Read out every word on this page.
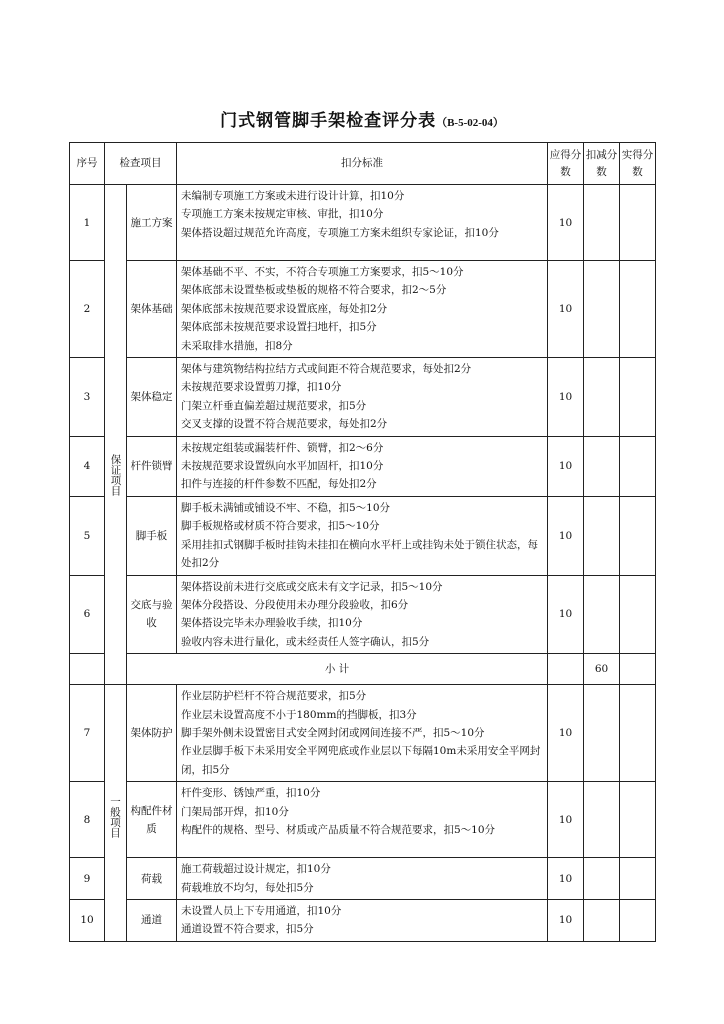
门式钢管脚手架检查评分表（B-5-02-04）
序号	检查项目		扣分标准	应得分数	扣减分数	实得分数	
1	保证项目	施工方案	未编制专项施工方案或未进行设计计算，扣10分
专项施工方案未按规定审核、审批，扣10分
架体搭设超过规范允许高度，专项施工方案未组织专家论证，扣10分	10			
2		架体基础	架体基础不平、不实，不符合专项施工方案要求，扣5～10分
架体底部未设置垫板或垫板的规格不符合要求，扣2～5分
架体底部未按规范要求设置底座，每处扣2分
架体底部未按规范要求设置扫地杆，扣5分
未采取排水措施，扣8分	10			
3		架体稳定	架体与建筑物结构拉结方式或间距不符合规范要求，每处扣2分
未按规范要求设置剪刀撑，扣10分
门架立杆垂直偏差超过规范要求，扣5分
交叉支撑的设置不符合规范要求，每处扣2分	10			
4		杆件锁臂	未按规定组装或漏装杆件、锁臂，扣2～6分
未按规范要求设置纵向水平加固杆，扣10分
扣件与连接的杆件参数不匹配，每处扣2分	10			
5		脚手板	脚手板未满铺或铺设不牢、不稳，扣5～10分
脚手板规格或材质不符合要求，扣5～10分
采用挂扣式钢脚手板时挂钩未挂扣在横向水平杆上或挂钩未处于锁住状态，每处扣2分	10			
6		交底与验收	架体搭设前未进行交底或交底未有文字记录，扣5～10分
架体分段搭设、分段使用未办理分段验收，扣6分
架体搭设完毕未办理验收手续，扣10分
验收内容未进行量化，或未经责任人签字确认，扣5分	10			
		小 计			60		
7	一般项目	架体防护	作业层防护栏杆不符合规范要求，扣5分
作业层未设置高度不小于180mm的挡脚板，扣3分
脚手架外侧未设置密目式安全网封闭或网间连接不严，扣5～10分
作业层脚手板下未采用安全平网兜底或作业层以下每隔10m未采用安全平网封闭，扣5分	10			
8		构配件材质	杆件变形、锈蚀严重，扣10分
门架局部开焊，扣10分
构配件的规格、型号、材质或产品质量不符合规范要求，扣5～10分	10			
9		荷载	施工荷载超过设计规定，扣10分
荷载堆放不均匀，每处扣5分	10			
10		通道	未设置人员上下专用通道，扣10分
通道设置不符合要求，扣5分	10			
